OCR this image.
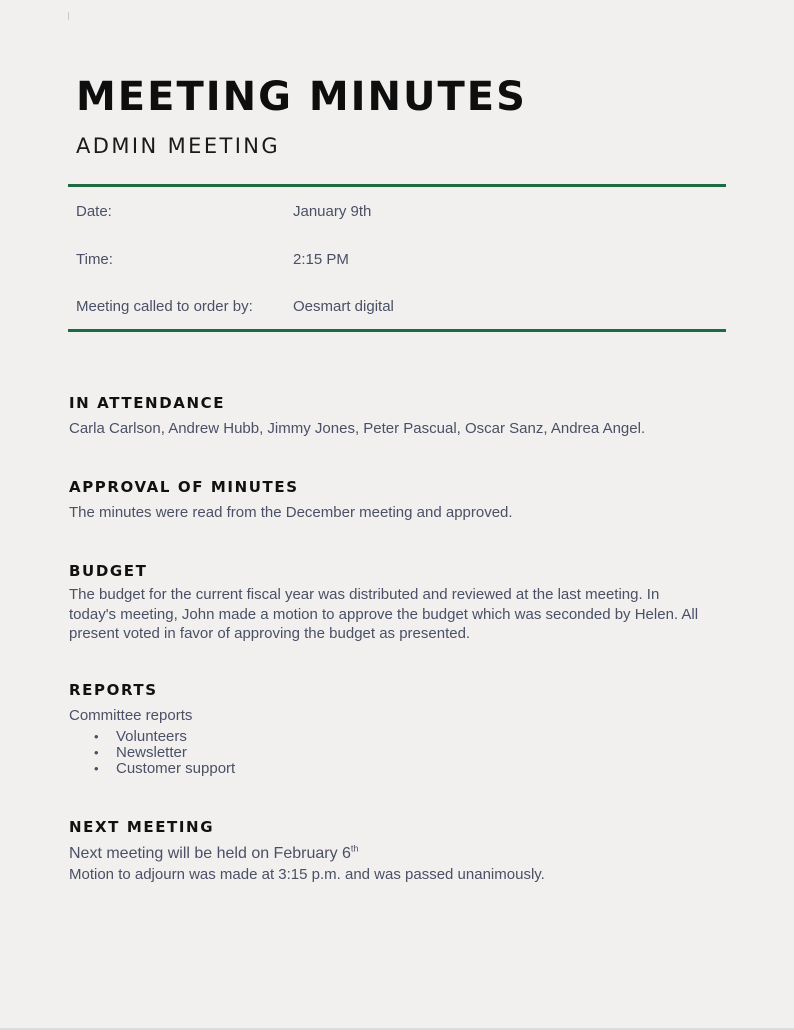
MEETING MINUTES
ADMIN MEETING
Date:	January 9th
Time:	2:15 PM
Meeting called to order by:	Oesmart digital
IN ATTENDANCE

Carla Carlson, Andrew Hubb, Jimmy Jones, Peter Pascual, Oscar Sanz, Andrea Angel.

APPROVAL OF MINUTES

The minutes were read from the December meeting and approved.

BUDGET

The budget for the current fiscal year was distributed and reviewed at the last meeting. In today's meeting, John made a motion to approve the budget which was seconded by Helen. All present voted in favor of approving the budget as presented.

REPORTS

Committee reports

• Volunteers
• Newsletter
• Customer support
NEXT MEETING

Next meeting will be held on February 6th

Motion to adjourn was made at 3:15 p.m. and was passed unanimously.
